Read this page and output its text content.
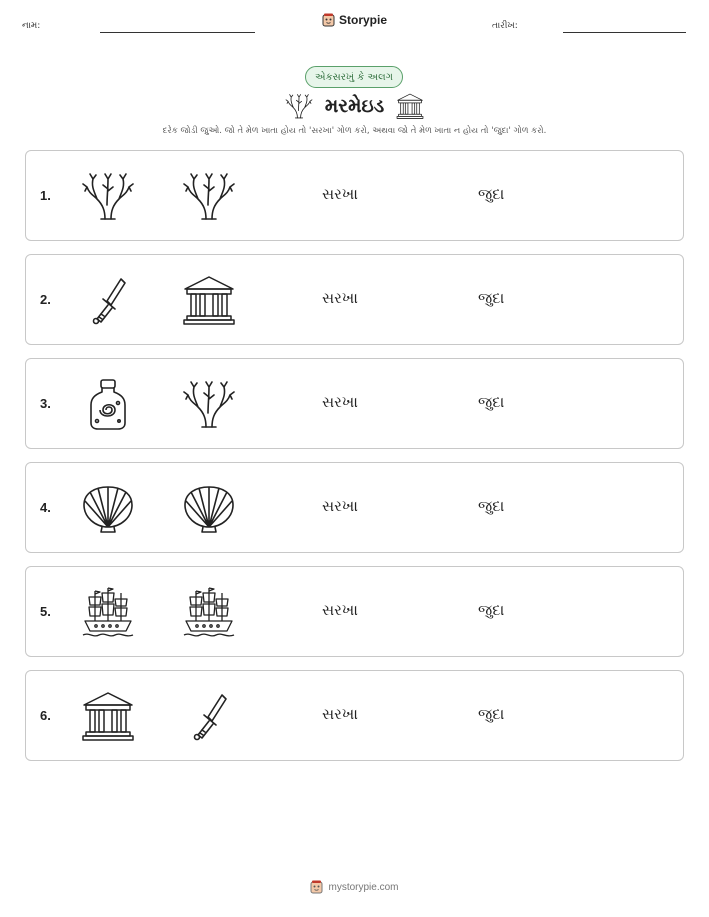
નામ:	Storypie	તારીખ:
એકસરખું કે અલગ
મરમેઇડ
દરેક જોડી જુઓ. જો તે મેળ ખાતા હોય તો 'સરખા' ગોળ કરો, અથવા જો તે મેળ ખાતા ન હોય તો 'જુદા' ગોળ કરો.
1.	સરખા	જુદા
2.	સરખા	જુદા
3.	સરખા	જુદા
4.	સરખા	જુદા
5.	સરખા	જુદા
6.	સરખા	જુદા
mystorypie.com
